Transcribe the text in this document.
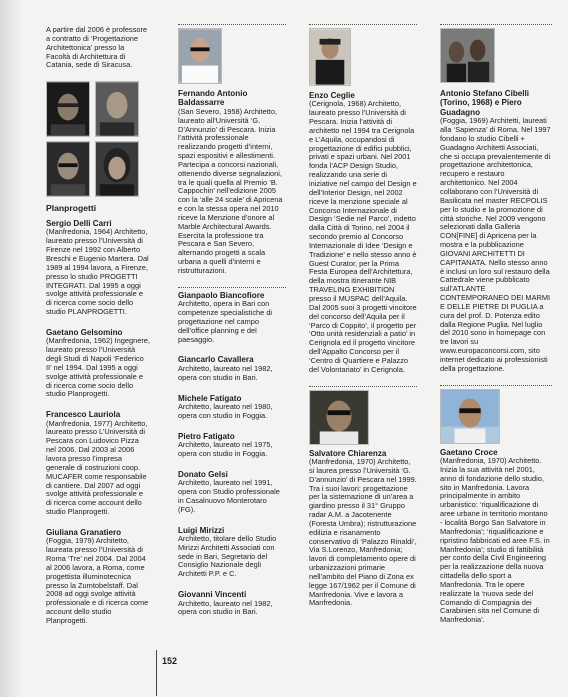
A partire dal 2006 è professore a contratto di ‘Progettazione Architettonica’ presso la Facoltà di Architettura di Catania, sede di Siracusa.

Planprogetti
Sergio Delli Carri

(Manfredonia, 1964) Architetto, laureato presso l’Università di Firenze nel 1992 con Alberto Breschi e Eugenio Martera. Dal 1989 al 1994 lavora, a Firenze, presso lo studio PROGETTI INTEGRATI. Dal 1995 a oggi svolge attività professionale e di ricerca come socio dello studio PLANPROGETTI.

Gaetano Gelsomino

(Manfredonia, 1962) Ingegnere, laureato presso l’Università degli Studi di Napoli ‘Federico II’ nel 1994. Dal 1995 a oggi svolge attività professionale e di ricerca come socio dello studio Planprogetti.

Francesco Lauriola

(Manfredonia, 1977) Architetto, laureato presso L’Università di Pescara con Ludovico Pizza nel 2006. Dal 2003 al 2006 lavora presso l’impresa generale di costruzioni coop. MUCAFER come responsabile di cantiere. Dal 2007 ad oggi svolge attività professionale e di ricerca come account dello studio Planprogetti.

Giuliana Granatiero

(Foggia, 1979) Architetto, laureata presso l’Università di Roma ‘Tre’ nel 2004. Dal 2004 al 2006 lavora, a Roma, come progettista illuminotecnica presso la Zumtobelstaff. Dal 2008 ad oggi svolge attività professionale e di ricerca come account dello studio Planprogetti.

Fernando Antonio Baldassarre

(San Severo, 1958) Architetto, laureato all’Università ‘G. D’Annunzio’ di Pescara. Inizia l’attività professionale realizzando progetti d’interni, spazi espositivi e allestimenti. Partecipa a concorsi nazionali, ottenendo diverse segnalazioni, tra le quali quella al Premio ‘B. Cappochin’ nell’edizione 2005 con la ‘alle 24 scale’ di Apricena e con la stessa opera nel 2010 riceve la Menzione d’onore al Marble Architectural Awards. Esercita la professione tra Pescara e San Severo, alternando progetti a scala urbana a quelli d’interni e ristrutturazioni.

Gianpaolo Biancofiore

Architetto, opera in Bari con competenze specialistiche di progettazione nel campo dell’office planning e del paesaggio.

Giancarlo Cavallera

Architetto, laureato nel 1982, opera con studio in Bari.

Michele Fatigato

Architetto, laureato nel 1980, opera con studio in Foggia.

Pietro Fatigato

Architetto, laureato nel 1975, opera con studio in Foggia.

Donato Gelsi

Architetto, laureato nel 1991, opera con Studio professionale in Casalnuovo Monterotaro (FG).

Luigi Mirizzi

Architetto, titolare dello Studio Mirizzi Architetti Associati con sede in Bari, Segretario del Consiglio Nazionale degli Architetti P.P. e C.

Giovanni Vincenti

Architetto, laureato nel 1982, opera con studio in Bari.

Enzo Ceglie

(Cerignola, 1968) Architetto, laureato presso l’Università di Pescara. Inizia l’attività di architetto nel 1994 tra Cerignola e L’Aquila, occupandosi di progettazione di edifici pubblici, privati e spazi urbani. Nel 2001 fonda l’ACP Design Studio, realizzando una serie di iniziative nel campo del Design e dell’Interior Design, nel 2002 riceve la menzione speciale al Concorso Internazionale di Design ‘Sedie nel Parco’, indetto dalla Città di Torino, nel 2004 il secondo premio al Concorso Internazionale di Idee ‘Design e Tradizione’ e nello stesso anno è Guest Curator, per la Prima Festa Europea dell’Architettura, della mostra itinerante NIB TRAVELING EXHIBITION presso il MUSPAC dell’Aquila. Dal 2005 suoi 3 progetti vincitore del concorso dell’Aquila per il ‘Parco di Coppito’, il progetto per ‘Otto unità residenziali a patio’ in Cerignola ed il progetto vincitore dell’Appalto Concorso per il ‘Centro di Quartiere e Palazzo del Volontariato’ in Cerignola.

Salvatore Chiarenza

(Manfredonia, 1970) Architetto, si laurea presso l’Università ‘G. D’annunzio’ di Pescara nel 1999. Tra i suoi lavori: progettazione per la sistemazione di un’area a giardino presso il 31° Gruppo radar A.M. a Jacotenente (Foresta Umbra); ristrutturazione edilizia e risanamento conservativo di ‘Palazzo Rinaldi’, Via S.Lorenzo, Manfredonia; lavori di completamento opere di urbanizzazioni primarie nell’ambito del Piano di Zona ex legge 167/1962 per il Comune di Manfredonia. Vive e lavora a Manfredonia.

Antonio Stefano Cibelli
(Torino, 1968) e Piero Guadagno

(Foggia, 1969) Architetti, laureati alla ‘Sapienza’ di Roma. Nel 1997 fondano lo studio Cibelli + Guadagno Architetti Associati, che si occupa prevalentemente di progettazione architettonica, recupero e restauro architettonico. Nel 2004 collaborano con l’Università di Basilicata nel master RECPOLIS per lo studio e la promozione di città storiche. Nel 2009 vengono selezionati dalla Galleria CON[FINE] di Apricena per la mostra e la pubblicazione GIOVANI ARCHITETTI DI CAPITANATA. Nello stesso anno è inclusi un loro sul restauro della Cattedrale viene pubblicato sull’ATLANTE CONTEMPORANEO DEI MARMI E DELLE PIETRE DI PUGLIA a cura del prof. D. Potenza edito dalla Regione Puglia. Nel luglio del 2010 sono in homepage con tre lavori su www.europaconcorsi.com, sito internet dedicato ai professionisti della progettazione.

Gaetano Croce

(Manfredonia, 1970) Architetto. Inizia la sua attività nel 2001, anno di fondazione dello studio, sito in Manfredonia. Lavora principalmente in ambito urbanistico: ‘riqualificazione di aree urbane in territorio montano - località Borgo San Salvatore in Manfredonia’; ‘riqualificazione e ripristino fabbricati ed aree F.S. in Manfredonia’; studio di fattibilità per conto della Civil Engineering per la realizzazione della nuova cittadella dello sport a Manfredonia. Tra le opere realizzate la ‘nuova sede del Comando di Compagnia dei Carabinieri sita nel Comune di Manfredonia’.

152
